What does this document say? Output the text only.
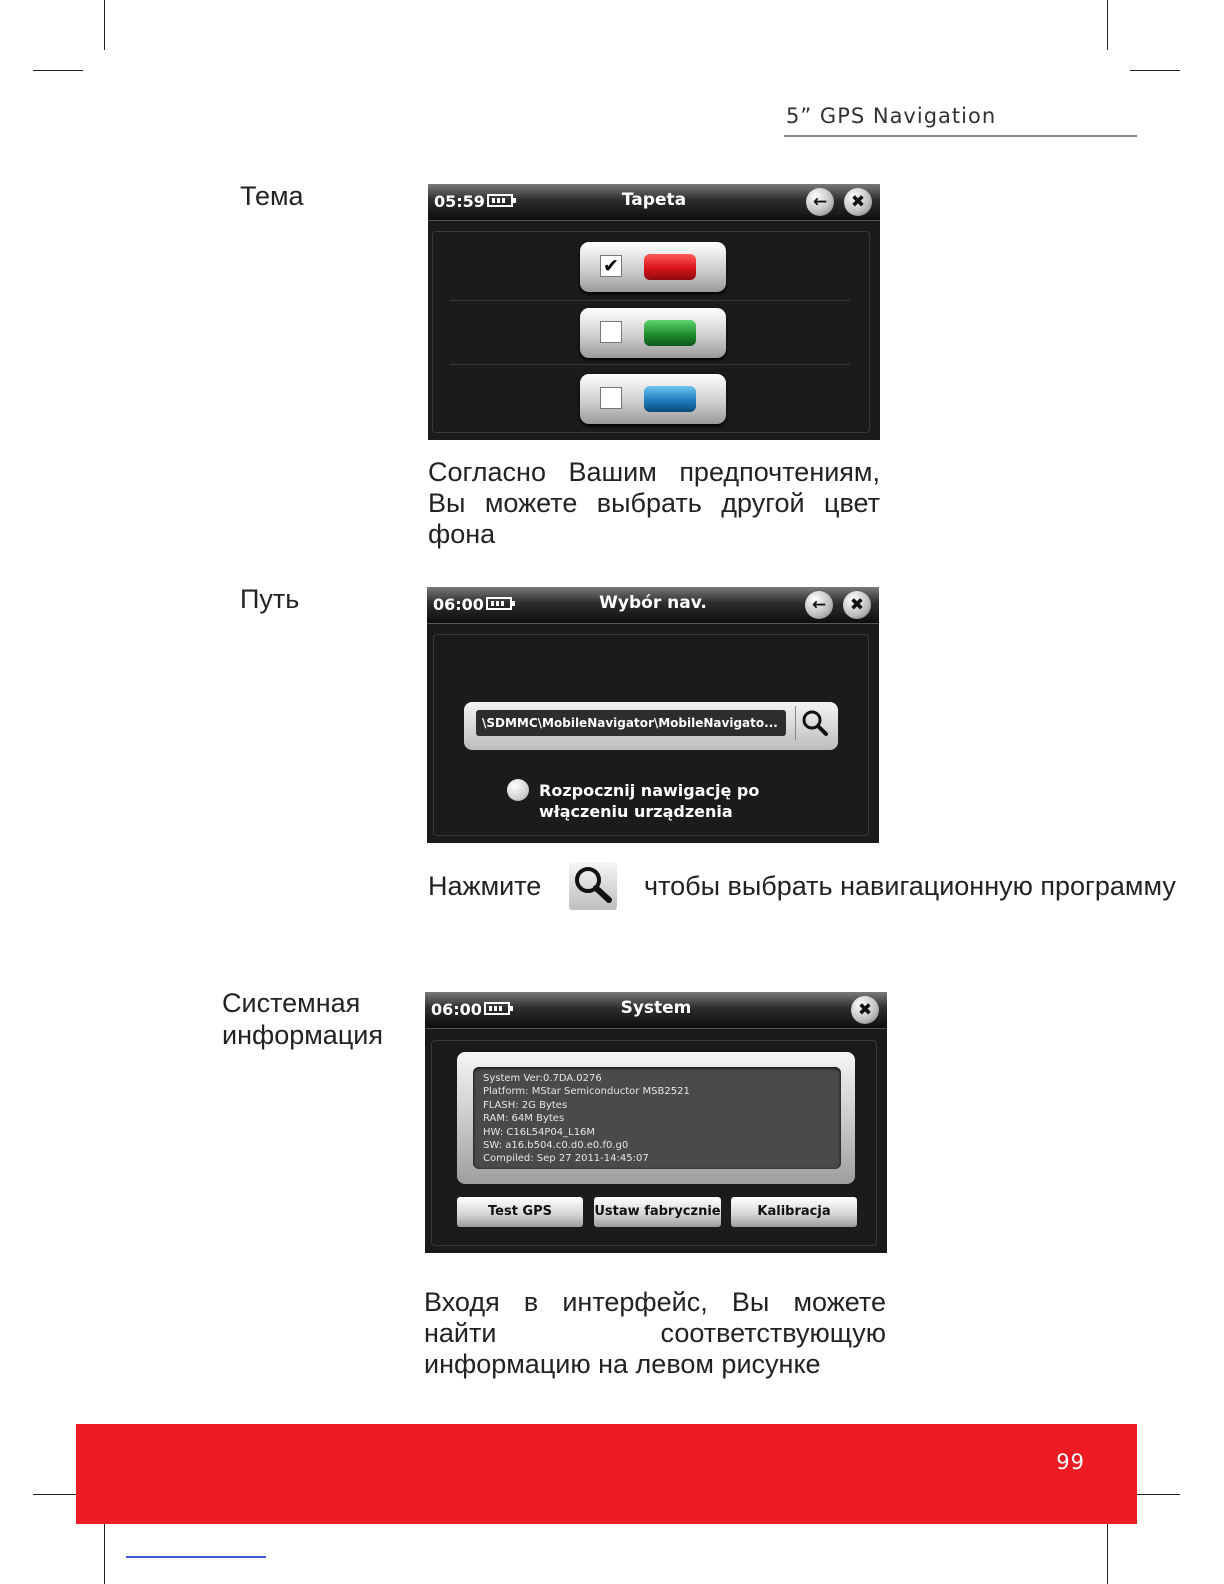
5” GPS Navigation
Тема	05:59	Tapeta	←	✖
✔
Согласно Вашим предпочтениям, Вы можете выбрать другой цвет фона
Путь	06:00	Wybór nav.	←	✖
\SDMMC\MobileNavigator\MobileNavigato...
Rozpocznij nawigację po
włączeniu urządzenia
Нажмите	чтобы выбрать навигационную программу
Системная
информация
06:00	System	✖
System Ver:0.7DA.0276
Platform: MStar Semiconductor MSB2521
FLASH: 2G Bytes
RAM: 64M Bytes
HW: C16L54P04_L16M
SW: a16.b504.c0.d0.e0.f0.g0
Compiled: Sep 27 2011-14:45:07
Test GPS	Ustaw fabrycznie	Kalibracja
Входя в интерфейс, Вы можете найти соответствующую информацию на левом рисунке
99
